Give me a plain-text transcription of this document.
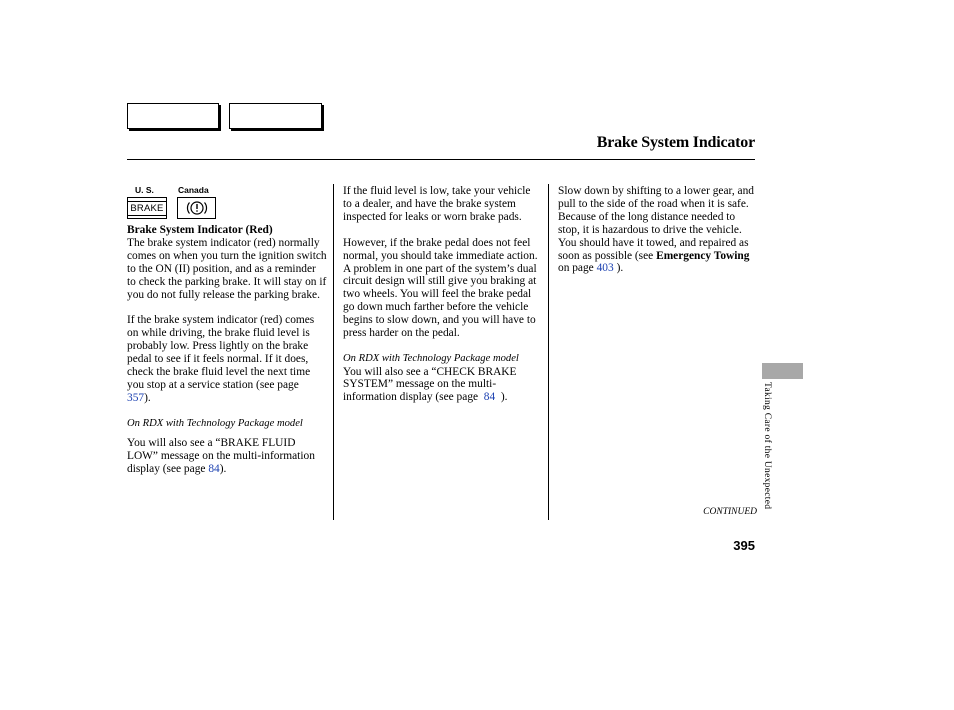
Brake System Indicator
U. S.	Canada
BRAKE

Brake System Indicator (Red)

The brake system indicator (red) normally comes on when you turn the ignition switch to the ON (II) position, and as a reminder to check the parking brake. It will stay on if you do not fully release the parking brake.

If the brake system indicator (red) comes on while driving, the brake fluid level is probably low. Press lightly on the brake pedal to see if it feels normal. If it does, check the brake fluid level the next time you stop at a service station (see page
357).

On RDX with Technology Package model

You will also see a “BRAKE FLUID LOW” message on the multi-information display (see page 84).

If the fluid level is low, take your vehicle to a dealer, and have the brake system inspected for leaks or worn brake pads.

However, if the brake pedal does not feel normal, you should take immediate action. A problem in one part of the system’s dual circuit design will still give you braking at two wheels. You will feel the brake pedal go down much farther before the vehicle begins to slow down, and you will have to press harder on the pedal.

On RDX with Technology Package model

You will also see a “CHECK BRAKE SYSTEM” message on the multi-information display (see page 84 ).

Slow down by shifting to a lower gear, and pull to the side of the road when it is safe. Because of the long distance needed to stop, it is hazardous to drive the vehicle. You should have it towed, and repaired as soon as possible (see Emergency Towing on page 403 ).

Taking Care of the Unexpected
CONTINUED
395
